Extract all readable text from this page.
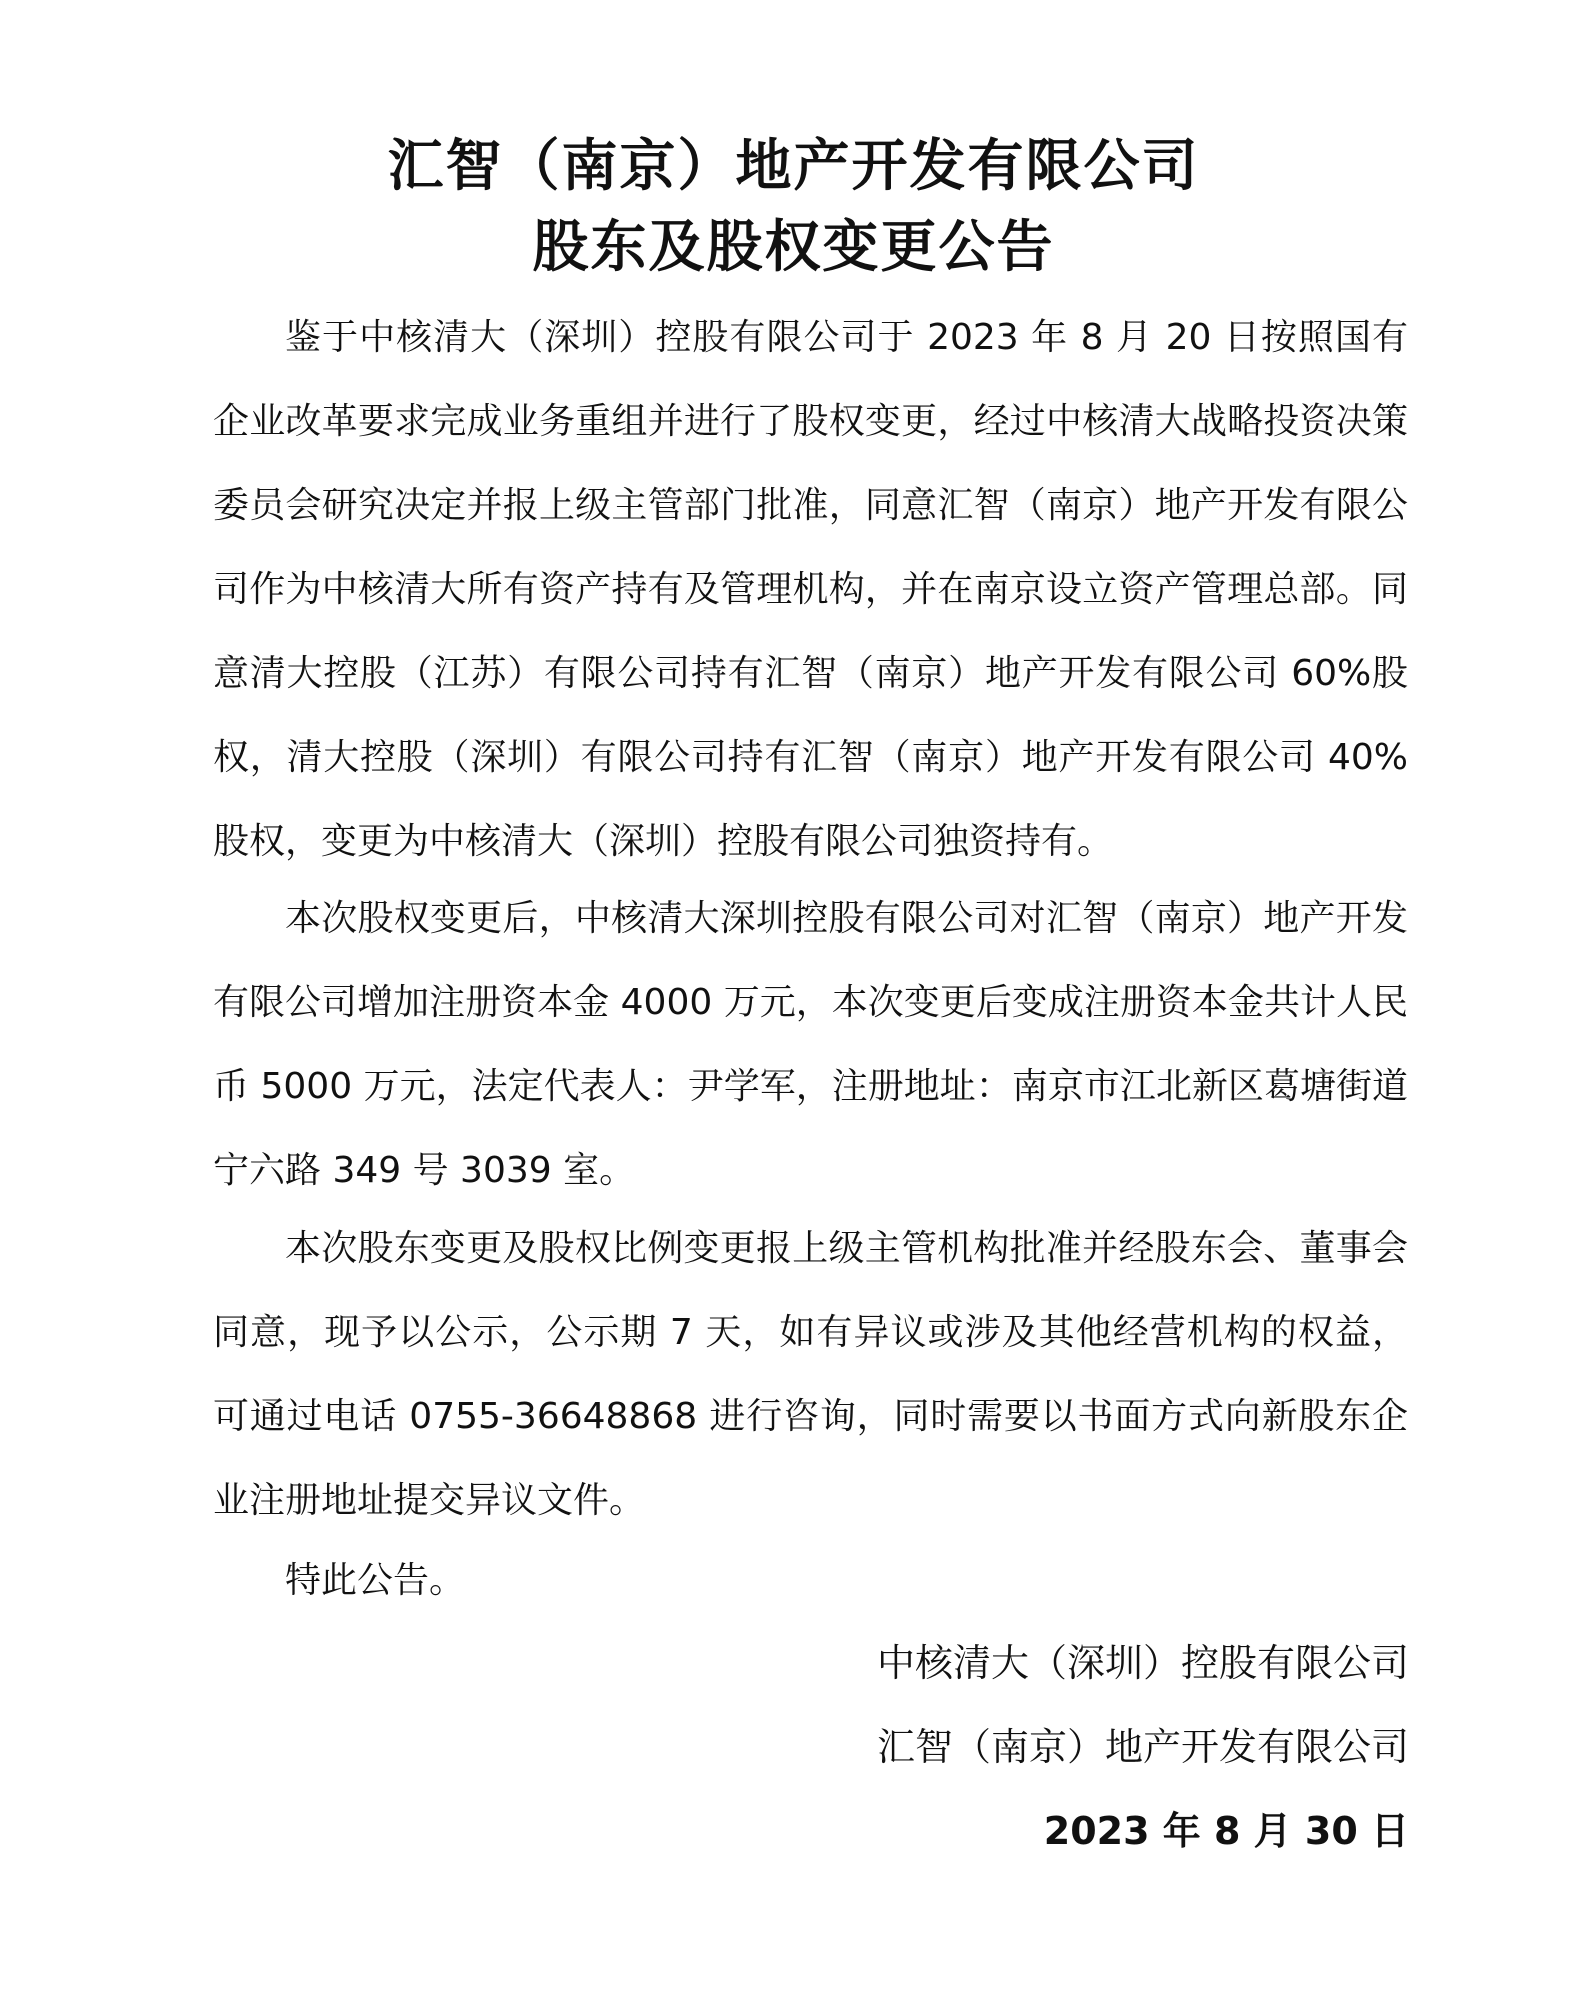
汇智（南京）地产开发有限公司
股东及股权变更公告

鉴于中核清大（深圳）控股有限公司于 2023 年 8 月 20 日按照国有企业改革要求完成业务重组并进行了股权变更，经过中核清大战略投资决策委员会研究决定并报上级主管部门批准，同意汇智（南京）地产开发有限公司作为中核清大所有资产持有及管理机构，并在南京设立资产管理总部。同意清大控股（江苏）有限公司持有汇智（南京）地产开发有限公司 60%股权，清大控股（深圳）有限公司持有汇智（南京）地产开发有限公司 40%股权，变更为中核清大（深圳）控股有限公司独资持有。

本次股权变更后，中核清大深圳控股有限公司对汇智（南京）地产开发有限公司增加注册资本金 4000 万元，本次变更后变成注册资本金共计人民币 5000 万元，法定代表人：尹学军，注册地址：南京市江北新区葛塘街道宁六路 349 号 3039 室。

本次股东变更及股权比例变更报上级主管机构批准并经股东会、董事会同意，现予以公示，公示期 7 天，如有异议或涉及其他经营机构的权益，可通过电话 0755-36648868 进行咨询，同时需要以书面方式向新股东企业注册地址提交异议文件。

特此公告。

中核清大（深圳）控股有限公司

汇智（南京）地产开发有限公司

2023 年 8 月 30 日
